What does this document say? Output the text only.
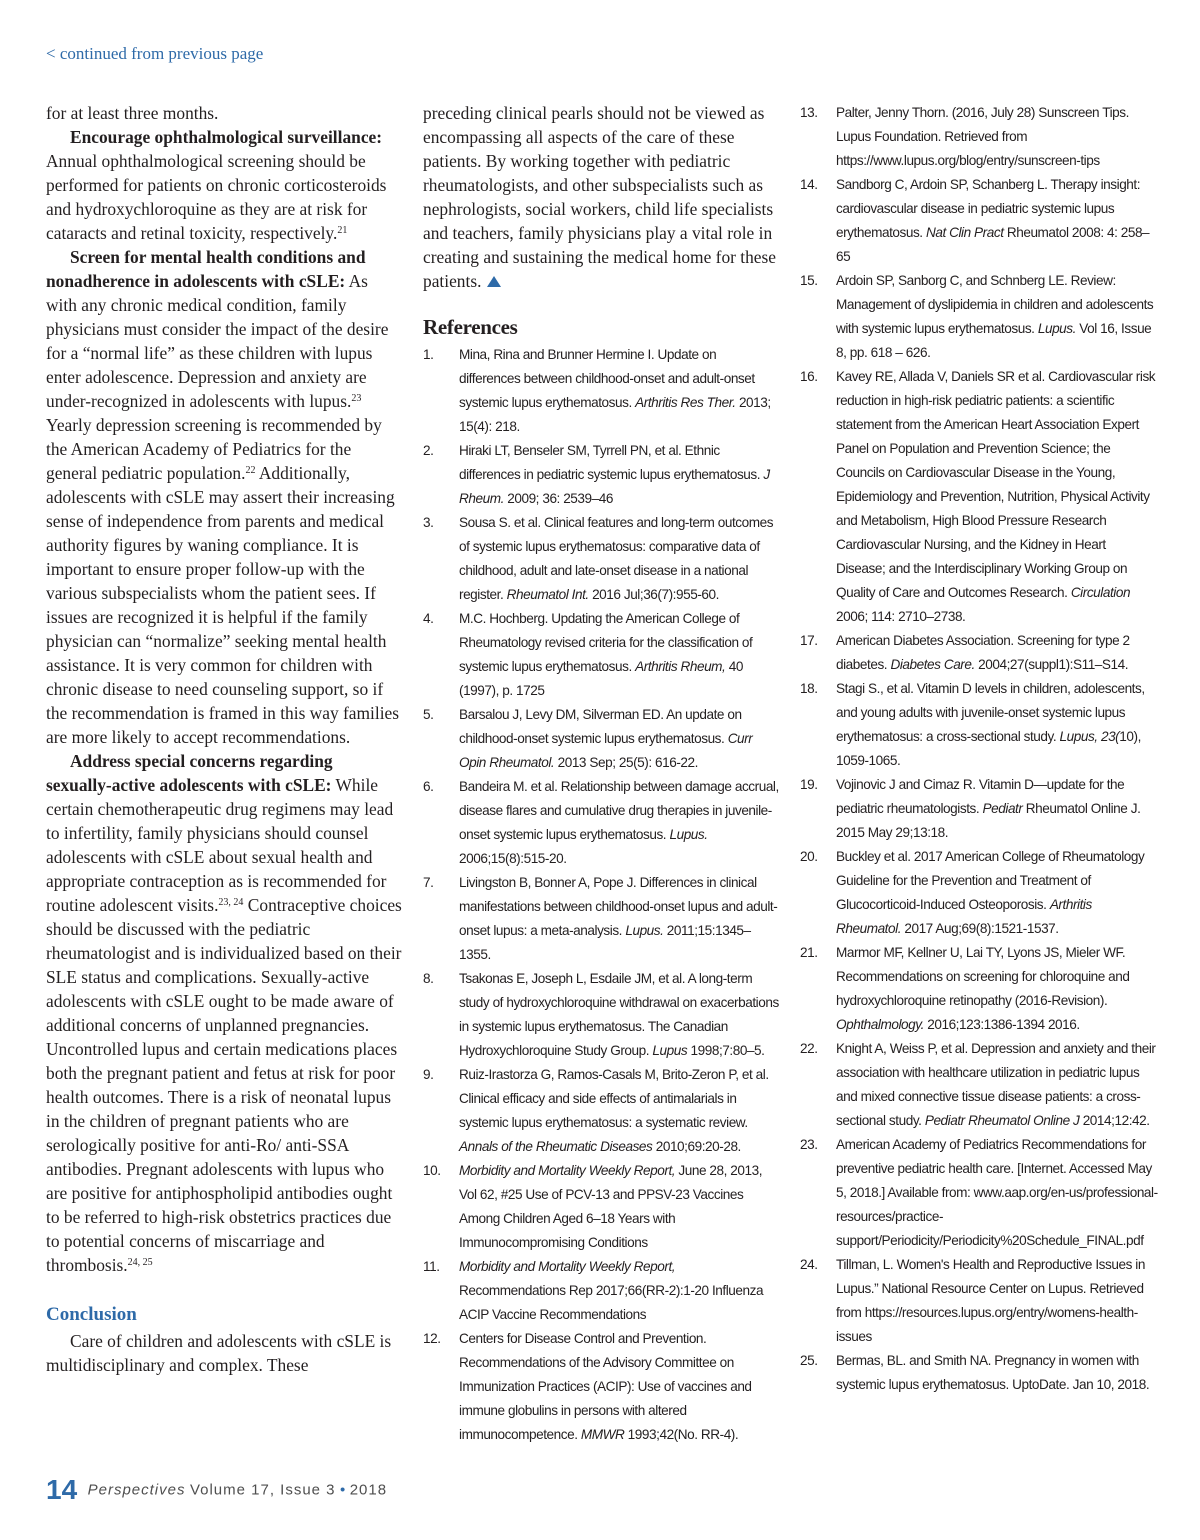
< continued from previous page

for at least three months.

Encourage ophthalmological surveillance: Annual ophthalmological screening should be performed for patients on chronic corticosteroids and hydroxychloroquine as they are at risk for cataracts and retinal toxicity, respectively.$^{21}$

Screen for mental health conditions and nonadherence in adolescents with cSLE: As with any chronic medical condition, family physicians must consider the impact of the desire for a “normal life” as these children with lupus enter adolescence. Depression and anxiety are under-recognized in adolescents with lupus.$^{23}$ Yearly depression screening is recommended by the American Academy of Pediatrics for the general pediatric population.$^{22}$ Additionally, adolescents with cSLE may assert their increasing sense of independence from parents and medical authority figures by waning compliance. It is important to ensure proper follow-up with the various subspecialists whom the patient sees. If issues are recognized it is helpful if the family physician can “normalize” seeking mental health assistance. It is very common for children with chronic disease to need counseling support, so if the recommendation is framed in this way families are more likely to accept recommendations.

Address special concerns regarding sexually-active adolescents with cSLE: While certain chemotherapeutic drug regimens may lead to infertility, family physicians should counsel adolescents with cSLE about sexual health and appropriate contraception as is recommended for routine adolescent visits.$^{23, 24}$ Contraceptive choices should be discussed with the pediatric rheumatologist and is individualized based on their SLE status and complications. Sexually-active adolescents with cSLE ought to be made aware of additional concerns of unplanned pregnancies. Uncontrolled lupus and certain medications places both the pregnant patient and fetus at risk for poor health outcomes. There is a risk of neonatal lupus in the children of pregnant patients who are serologically positive for anti-Ro/ anti-SSA antibodies. Pregnant adolescents with lupus who are positive for antiphospholipid antibodies ought to be referred to high-risk obstetrics practices due to potential concerns of miscarriage and thrombosis.$^{24, 25}$

Conclusion

Care of children and adolescents with cSLE is multidisciplinary and complex. These

preceding clinical pearls should not be viewed as encompassing all aspects of the care of these patients. By working together with pediatric rheumatologists, and other subspecialists such as nephrologists, social workers, child life specialists and teachers, family physicians play a vital role in creating and sustaining the medical home for these patients.

References
1. Mina, Rina and Brunner Hermine I. Update on differences between childhood-onset and adult-onset systemic lupus erythematosus. Arthritis Res Ther. 2013; 15(4): 218.
2. Hiraki LT, Benseler SM, Tyrrell PN, et al. Ethnic differences in pediatric systemic lupus erythematosus. J Rheum. 2009; 36: 2539–46
3. Sousa S. et al. Clinical features and long-term outcomes of systemic lupus erythematosus: comparative data of childhood, adult and late-onset disease in a national register. Rheumatol Int. 2016 Jul;36(7):955-60.
4. M.C. Hochberg. Updating the American College of Rheumatology revised criteria for the classification of systemic lupus erythematosus. Arthritis Rheum, 40 (1997), p. 1725
5. Barsalou J, Levy DM, Silverman ED. An update on childhood-onset systemic lupus erythematosus. Curr Opin Rheumatol. 2013 Sep; 25(5): 616-22.
6. Bandeira M. et al. Relationship between damage accrual, disease flares and cumulative drug therapies in juvenile-onset systemic lupus erythematosus. Lupus. 2006;15(8):515-20.
7. Livingston B, Bonner A, Pope J. Differences in clinical manifestations between childhood-onset lupus and adult-onset lupus: a meta-analysis. Lupus. 2011;15:1345–1355.
8. Tsakonas E, Joseph L, Esdaile JM, et al. A long-term study of hydroxychloroquine withdrawal on exacerbations in systemic lupus erythematosus. The Canadian Hydroxychloroquine Study Group. Lupus 1998;7:80–5.
9. Ruiz-Irastorza G, Ramos-Casals M, Brito-Zeron P, et al. Clinical efficacy and side effects of antimalarials in systemic lupus erythematosus: a systematic review. Annals of the Rheumatic Diseases 2010;69:20-28.
10. Morbidity and Mortality Weekly Report, June 28, 2013, Vol 62, #25 Use of PCV-13 and PPSV-23 Vaccines Among Children Aged 6–18 Years with Immunocompromising Conditions
11. Morbidity and Mortality Weekly Report, Recommendations Rep 2017;66(RR-2):1-20 Influenza ACIP Vaccine Recommendations
12. Centers for Disease Control and Prevention. Recommendations of the Advisory Committee on Immunization Practices (ACIP): Use of vaccines and immune globulins in persons with altered immunocompetence. MMWR 1993;42(No. RR-4).
13. Palter, Jenny Thorn. (2016, July 28) Sunscreen Tips. Lupus Foundation. Retrieved from https://www.lupus.org/blog/entry/sunscreen-tips
14. Sandborg C, Ardoin SP, Schanberg L. Therapy insight: cardiovascular disease in pediatric systemic lupus erythematosus. Nat Clin Pract Rheumatol 2008: 4: 258–65
15. Ardoin SP, Sanborg C, and Schnberg LE. Review: Management of dyslipidemia in children and adolescents with systemic lupus erythematosus. Lupus. Vol 16, Issue 8, pp. 618 – 626.
16. Kavey RE, Allada V, Daniels SR et al. Cardiovascular risk reduction in high-risk pediatric patients: a scientific statement from the American Heart Association Expert Panel on Population and Prevention Science; the Councils on Cardiovascular Disease in the Young, Epidemiology and Prevention, Nutrition, Physical Activity and Metabolism, High Blood Pressure Research Cardiovascular Nursing, and the Kidney in Heart Disease; and the Interdisciplinary Working Group on Quality of Care and Outcomes Research. Circulation 2006; 114: 2710–2738.
17. American Diabetes Association. Screening for type 2 diabetes. Diabetes Care. 2004;27(suppl1):S11–S14.
18. Stagi S., et al. Vitamin D levels in children, adolescents, and young adults with juvenile-onset systemic lupus erythematosus: a cross-sectional study. Lupus, 23(10), 1059-1065.
19. Vojinovic J and Cimaz R. Vitamin D—update for the pediatric rheumatologists. Pediatr Rheumatol Online J. 2015 May 29;13:18.
20. Buckley et al. 2017 American College of Rheumatology Guideline for the Prevention and Treatment of Glucocorticoid-Induced Osteoporosis. Arthritis Rheumatol. 2017 Aug;69(8):1521-1537.
21. Marmor MF, Kellner U, Lai TY, Lyons JS, Mieler WF. Recommendations on screening for chloroquine and hydroxychloroquine retinopathy (2016-Revision). Ophthalmology. 2016;123:1386-1394 2016.
22. Knight A, Weiss P, et al. Depression and anxiety and their association with healthcare utilization in pediatric lupus and mixed connective tissue disease patients: a cross-sectional study. Pediatr Rheumatol Online J 2014;12:42.
23. American Academy of Pediatrics Recommendations for preventive pediatric health care. [Internet. Accessed May 5, 2018.] Available from: www.aap.org/en-us/professional-resources/practice-support/Periodicity/Periodicity%20Schedule_FINAL.pdf
24. Tillman, L. Women's Health and Reproductive Issues in Lupus.” National Resource Center on Lupus. Retrieved from https://resources.lupus.org/entry/womens-health-issues
25. Bermas, BL. and Smith NA. Pregnancy in women with systemic lupus erythematosus. UptoDate. Jan 10, 2018.
14 Perspectives Volume 17, Issue 3 • 2018
